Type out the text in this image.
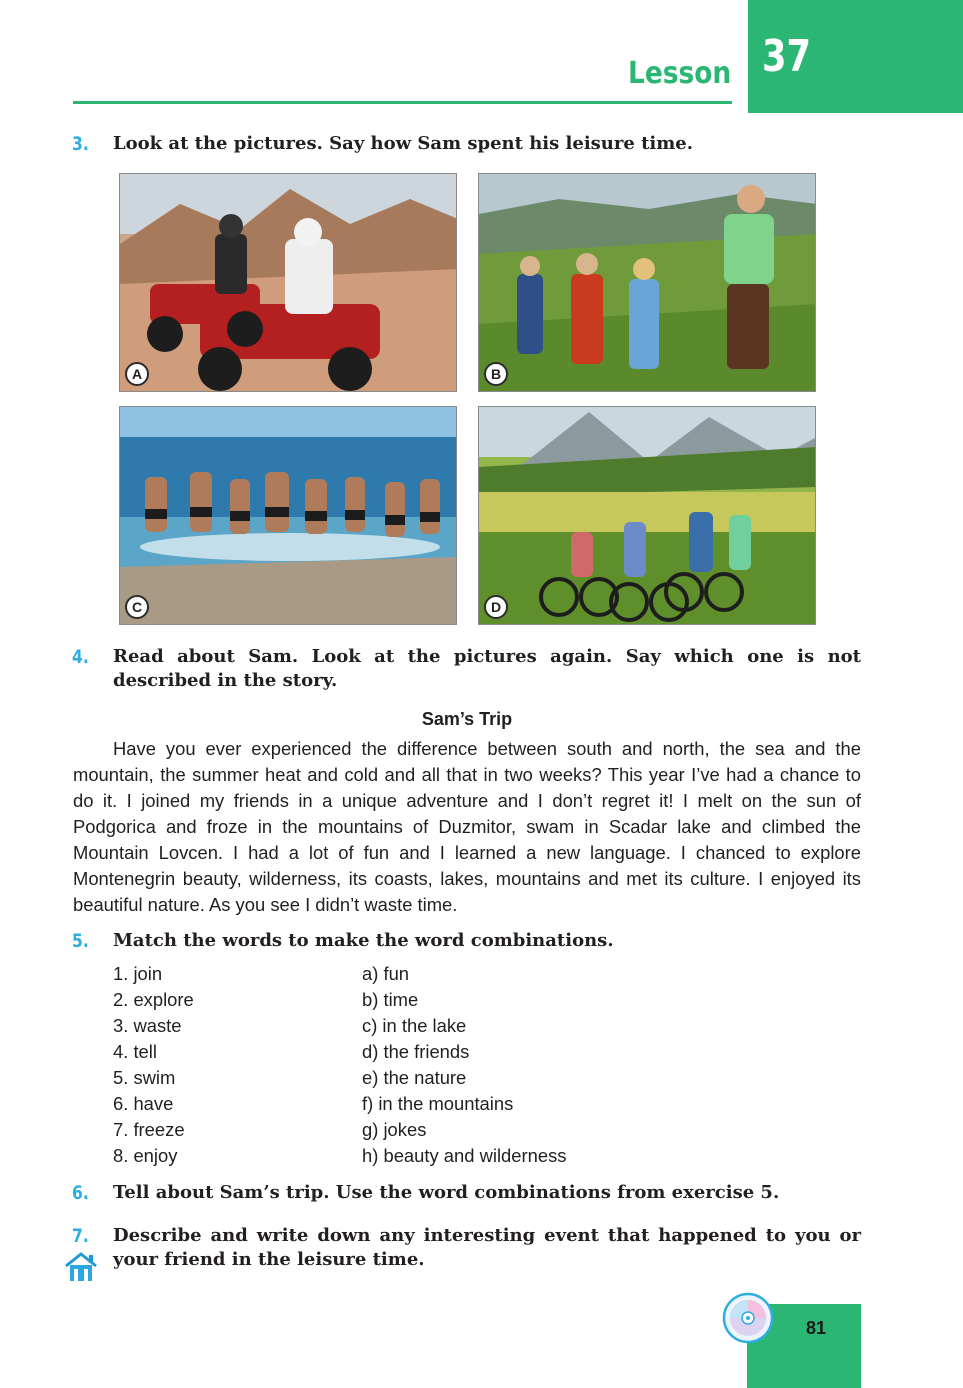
Lesson 37
3. Look at the pictures. Say how Sam spent his leisure time.
A	B
C	D
4. Read about Sam. Look at the pictures again. Say which one is not described in the story.
Sam’s Trip

Have you ever experienced the difference between south and north, the sea and the mountain, the summer heat and cold and all that in two weeks? This year I’ve had a chance to do it. I joined my friends in a unique adventure and I don’t regret it! I melt on the sun of Podgorica and froze in the mountains of Duzmitor, swam in Scadar lake and climbed the Mountain Lovcen. I had a lot of fun and I learned a new language. I chanced to explore Montenegrin beauty, wilderness, its coasts, lakes, mountains and met its culture. I enjoyed its beautiful nature. As you see I didn’t waste time.

5. Match the words to make the word combinations.
1. join	a) fun
2. explore	b) time
3. waste	c) in the lake
4. tell	d) the friends
5. swim	e) the nature
6. have	f) in the mountains
7. freeze	g) jokes
8. enjoy	h) beauty and wilderness
6. Tell about Sam’s trip. Use the word combinations from exercise 5.
7. Describe and write down any interesting event that happened to you or your friend in the leisure time.
81
